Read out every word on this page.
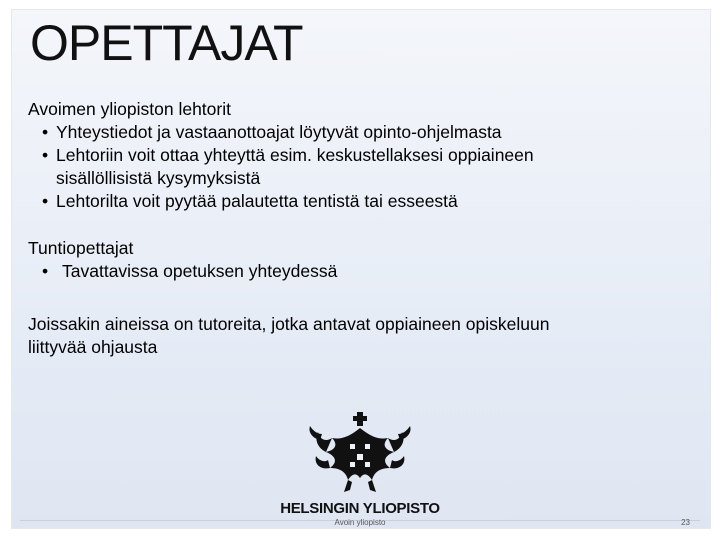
OPETTAJAT

Avoimen yliopiston lehtorit

• Yhteystiedot ja vastaanottoajat löytyvät opinto-ohjelmasta
• Lehtoriin voit ottaa yhteyttä esim. keskustellaksesi oppiaineen
sisällöllisistä kysymyksistä
• Lehtorilta voit pyytää palautetta tentistä tai esseestä

Tuntiopettajat

• Tavattavissa opetuksen yhteydessä

Joissakin aineissa on tutoreita, jotka antavat oppiaineen opiskeluun
liittyvää ohjausta

HELSINGIN YLIOPISTO
Avoin yliopisto	23
